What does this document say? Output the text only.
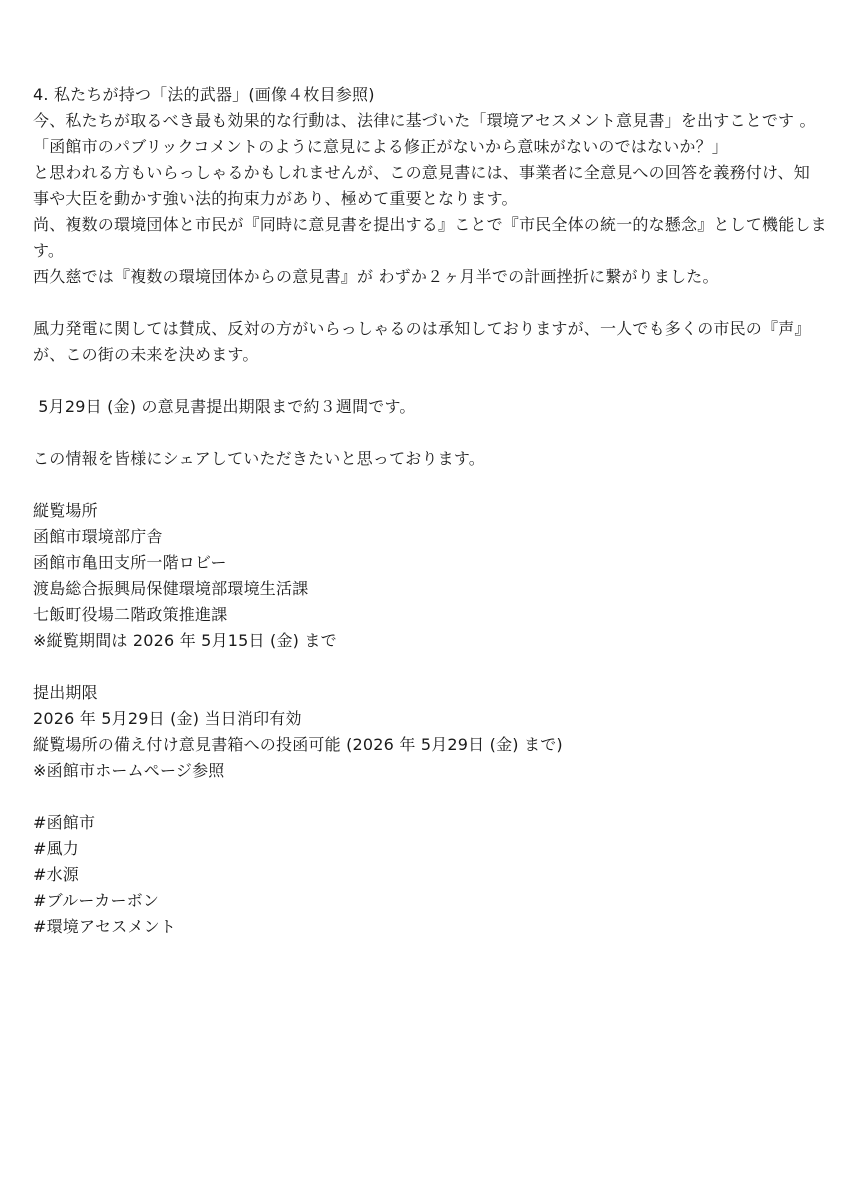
4. 私たちが持つ「法的武器」(画像４枚目参照)
今、私たちが取るべき最も効果的な行動は、法律に基づいた「環境アセスメント意見書」を出すことです 。
「函館市のパブリックコメントのように意見による修正がないから意味がないのではないか？」
と思われる方もいらっしゃるかもしれませんが、この意見書には、事業者に全意見への回答を義務付け、知
事や大臣を動かす強い法的拘束力があり、極めて重要となります。
尚、複数の環境団体と市民が『同時に意見書を提出する』ことで『市民全体の統一的な懸念』として機能しま
す。
西久慈では『複数の環境団体からの意見書』が わずか２ヶ月半での計画挫折に繋がりました。
風力発電に関しては賛成、反対の方がいらっしゃるのは承知しておりますが、一人でも多くの市民の『声』
が、この街の未来を決めます。
5月29日 (金) の意見書提出期限まで約３週間です。
この情報を皆様にシェアしていただきたいと思っております。
縦覧場所
函館市環境部庁舎
函館市亀田支所一階ロビー
渡島総合振興局保健環境部環境生活課
七飯町役場二階政策推進課
※縦覧期間は 2026 年 5月15日 (金) まで
提出期限
2026 年 5月29日 (金) 当日消印有効
縦覧場所の備え付け意見書箱への投函可能 (2026 年 5月29日 (金) まで)
※函館市ホームページ参照
#函館市
#風力
#水源
#ブルーカーボン
#環境アセスメント
